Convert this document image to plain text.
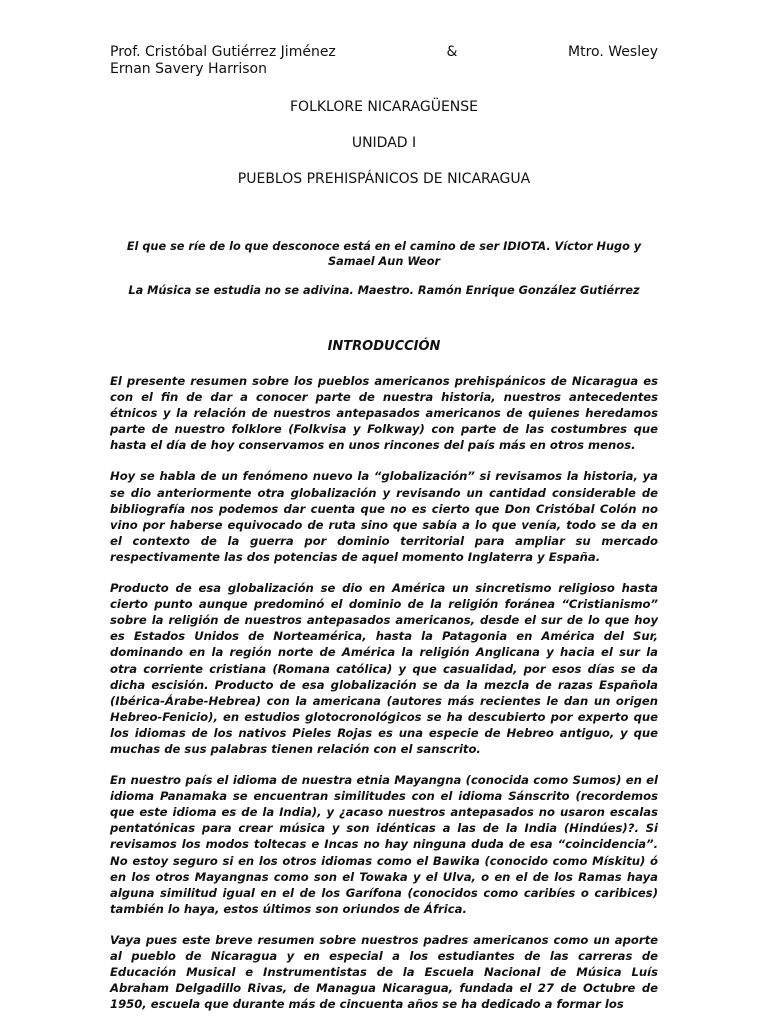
Prof. Cristóbal Gutiérrez Jiménez	&	Mtro. Wesley
Ernan Savery Harrison

FOLKLORE NICARAGÜENSE

UNIDAD I

PUEBLOS PREHISPÁNICOS DE NICARAGUA

El que se ríe de lo que desconoce está en el camino de ser IDIOTA. Víctor Hugo y Samael Aun Weor

La Música se estudia no se adivina. Maestro. Ramón Enrique González Gutiérrez

INTRODUCCIÓN

El presente resumen sobre los pueblos americanos prehispánicos de Nicaragua es con el fin de dar a conocer parte de nuestra historia, nuestros antecedentes étnicos y la relación de nuestros antepasados americanos de quienes heredamos parte de nuestro folklore (Folkvisa y Folkway) con parte de las costumbres que hasta el día de hoy conservamos en unos rincones del país más en otros menos.

Hoy se habla de un fenómeno nuevo la “globalización” si revisamos la historia, ya se dio anteriormente otra globalización y revisando un cantidad considerable de bibliografía nos podemos dar cuenta que no es cierto que Don Cristóbal Colón no vino por haberse equivocado de ruta sino que sabía a lo que venía, todo se da en el contexto de la guerra por dominio territorial para ampliar su mercado respectivamente las dos potencias de aquel momento Inglaterra y España.

Producto de esa globalización se dio en América un sincretismo religioso hasta cierto punto aunque predominó el dominio de la religión foránea “Cristianismo” sobre la religión de nuestros antepasados americanos, desde el sur de lo que hoy es Estados Unidos de Norteamérica, hasta la Patagonia en América del Sur, dominando en la región norte de América la religión Anglicana y hacia el sur la otra corriente cristiana (Romana católica) y que casualidad, por esos días se da dicha escisión. Producto de esa globalización se da la mezcla de razas Española (Ibérica-Árabe-Hebrea) con la americana (autores más recientes le dan un origen Hebreo-Fenicio), en estudios glotocronológicos se ha descubierto por experto que los idiomas de los nativos Pieles Rojas es una especie de Hebreo antiguo, y que muchas de sus palabras tienen relación con el sanscrito.

En nuestro país el idioma de nuestra etnia Mayangna (conocida como Sumos) en el idioma Panamaka se encuentran similitudes con el idioma Sánscrito (recordemos que este idioma es de la India), y ¿acaso nuestros antepasados no usaron escalas pentatónicas para crear música y son idénticas a las de la India (Hindúes)?. Si revisamos los modos toltecas e Incas no hay ninguna duda de esa “coincidencia”. No estoy seguro si en los otros idiomas como el Bawika (conocido como Mískitu) ó en los otros Mayangnas como son el Towaka y el Ulva, o en el de los Ramas haya alguna similitud igual en el de los Garífona (conocidos como caribíes o caribices) también lo haya, estos últimos son oriundos de África.

Vaya pues este breve resumen sobre nuestros padres americanos como un aporte al pueblo de Nicaragua y en especial a los estudiantes de las carreras de Educación Musical e Instrumentistas de la Escuela Nacional de Música Luís Abraham Delgadillo Rivas, de Managua Nicaragua, fundada el 27 de Octubre de 1950, escuela que durante más de cincuenta años se ha dedicado a formar los
